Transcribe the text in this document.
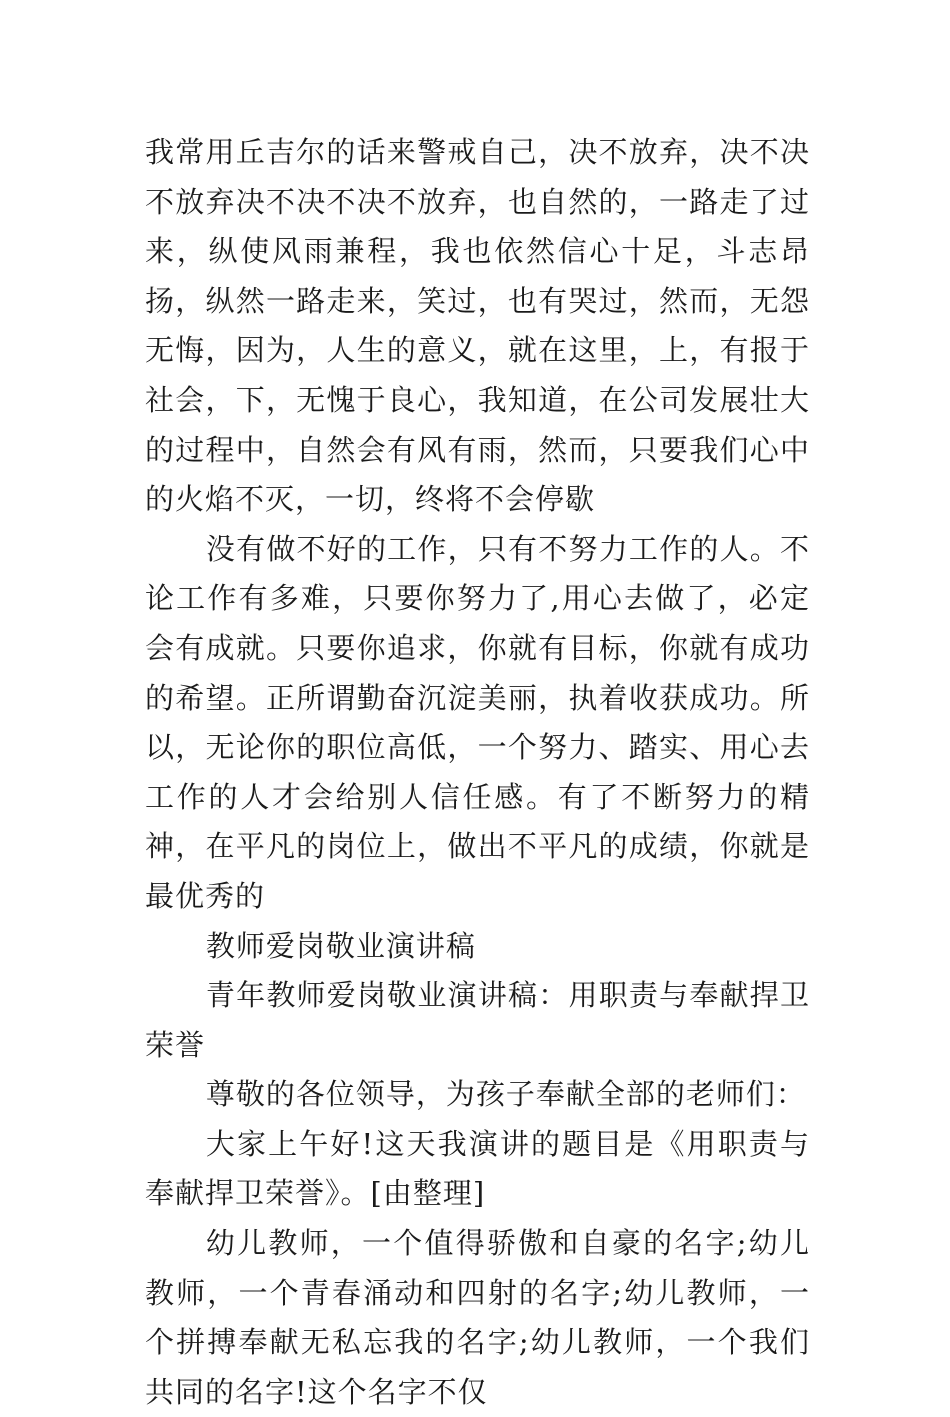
我常用丘吉尔的话来警戒自己，决不放弃，决不决不放弃决不决不决不放弃，也自然的，一路走了过来，纵使风雨兼程，我也依然信心十足，斗志昂扬，纵然一路走来，笑过，也有哭过，然而，无怨无悔，因为，人生的意义，就在这里，上，有报于社会，下，无愧于良心，我知道，在公司发展壮大的过程中，自然会有风有雨，然而，只要我们心中的火焰不灭，一切，终将不会停歇
没有做不好的工作，只有不努力工作的人。不论工作有多难，只要你努力了,用心去做了，必定会有成就。只要你追求，你就有目标，你就有成功的希望。正所谓勤奋沉淀美丽，执着收获成功。所以，无论你的职位高低，一个努力、踏实、用心去工作的人才会给别人信任感。有了不断努力的精神，在平凡的岗位上，做出不平凡的成绩，你就是最优秀的
教师爱岗敬业演讲稿
青年教师爱岗敬业演讲稿：用职责与奉献捍卫荣誉
尊敬的各位领导，为孩子奉献全部的老师们：
大家上午好!这天我演讲的题目是《用职责与奉献捍卫荣誉》。[由整理]
幼儿教师，一个值得骄傲和自豪的名字;幼儿教师，一个青春涌动和四射的名字;幼儿教师，一个拼搏奉献无私忘我的名字;幼儿教师，一个我们共同的名字!这个名字不仅
